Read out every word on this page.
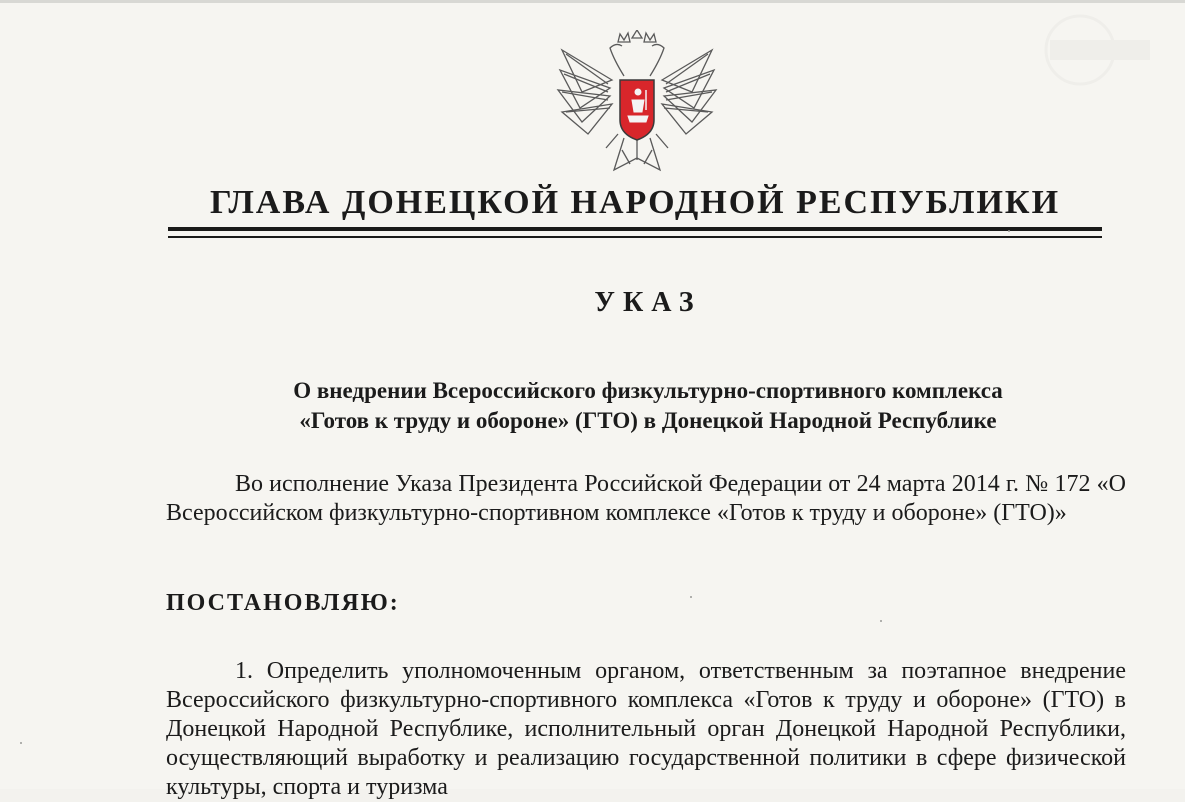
ГЛАВА ДОНЕЦКОЙ НАРОДНОЙ РЕСПУБЛИКИ
УКАЗ
О внедрении Всероссийского физкультурно-спортивного комплекса
«Готов к труду и обороне» (ГТО) в Донецкой Народной Республике

Во исполнение Указа Президента Российской Федерации от 24 марта 2014 г. № 172 «О Всероссийском физкультурно-спортивном комплексе «Готов к труду и обороне» (ГТО)»

ПОСТАНОВЛЯЮ:

1. Определить уполномоченным органом, ответственным за поэтапное внедрение Всероссийского физкультурно-спортивного комплекса «Готов к труду и обороне» (ГТО) в Донецкой Народной Республике, исполнительный орган Донецкой Народной Республики, осуществляющий выработку и реализацию государственной политики в сфере физической культуры, спорта и туризма
